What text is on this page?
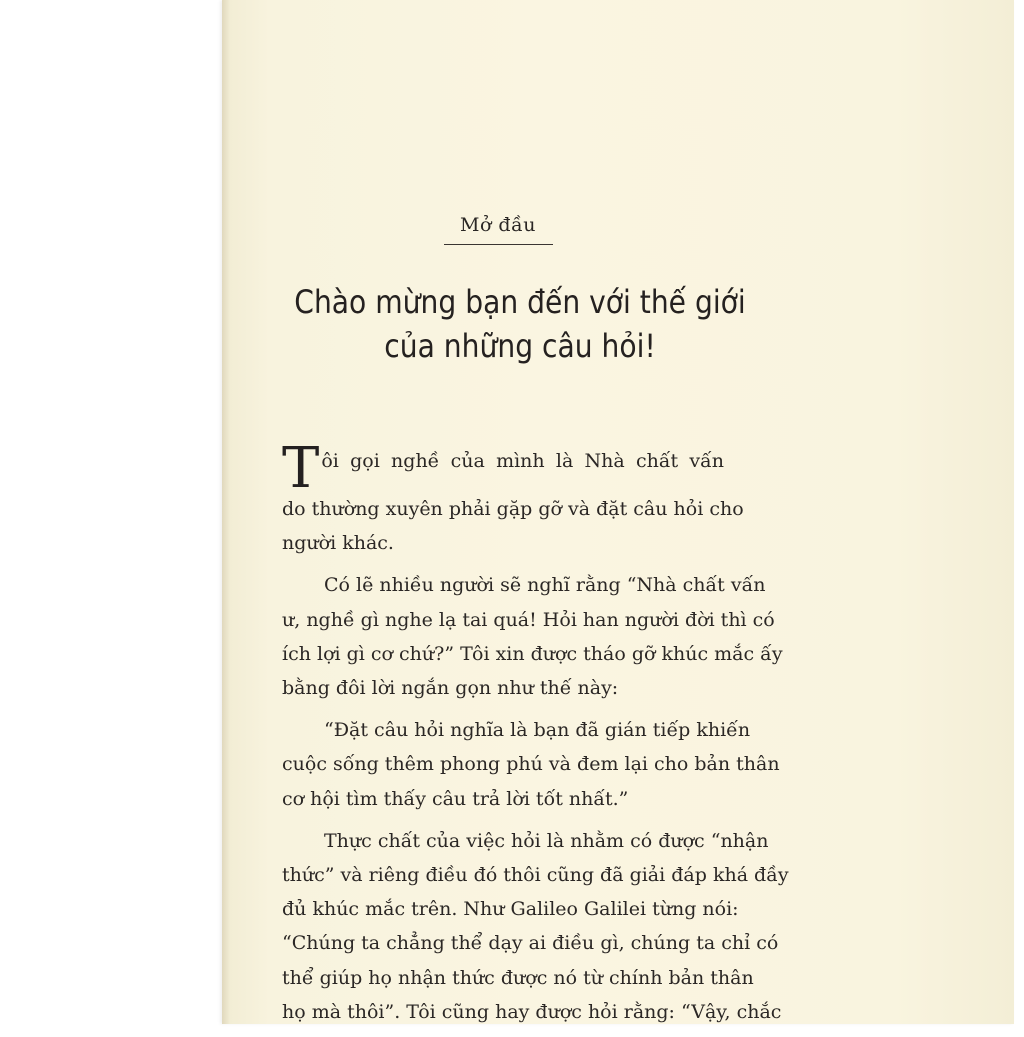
Mở đầu
Chào mừng bạn đến với thế giới
của những câu hỏi!

T ôi gọi nghề của mình là Nhà chất vấn
do thường xuyên phải gặp gỡ và đặt câu hỏi cho
người khác.

Có lẽ nhiều người sẽ nghĩ rằng “Nhà chất vấn
ư, nghề gì nghe lạ tai quá! Hỏi han người đời thì có
ích lợi gì cơ chứ?” Tôi xin được tháo gỡ khúc mắc ấy
bằng đôi lời ngắn gọn như thế này:

“Đặt câu hỏi nghĩa là bạn đã gián tiếp khiến
cuộc sống thêm phong phú và đem lại cho bản thân
cơ hội tìm thấy câu trả lời tốt nhất.”

Thực chất của việc hỏi là nhằm có được “nhận
thức” và riêng điều đó thôi cũng đã giải đáp khá đầy
đủ khúc mắc trên. Như Galileo Galilei từng nói:
“Chúng ta chẳng thể dạy ai điều gì, chúng ta chỉ có
thể giúp họ nhận thức được nó từ chính bản thân
họ mà thôi”. Tôi cũng hay được hỏi rằng: “Vậy, chắc
